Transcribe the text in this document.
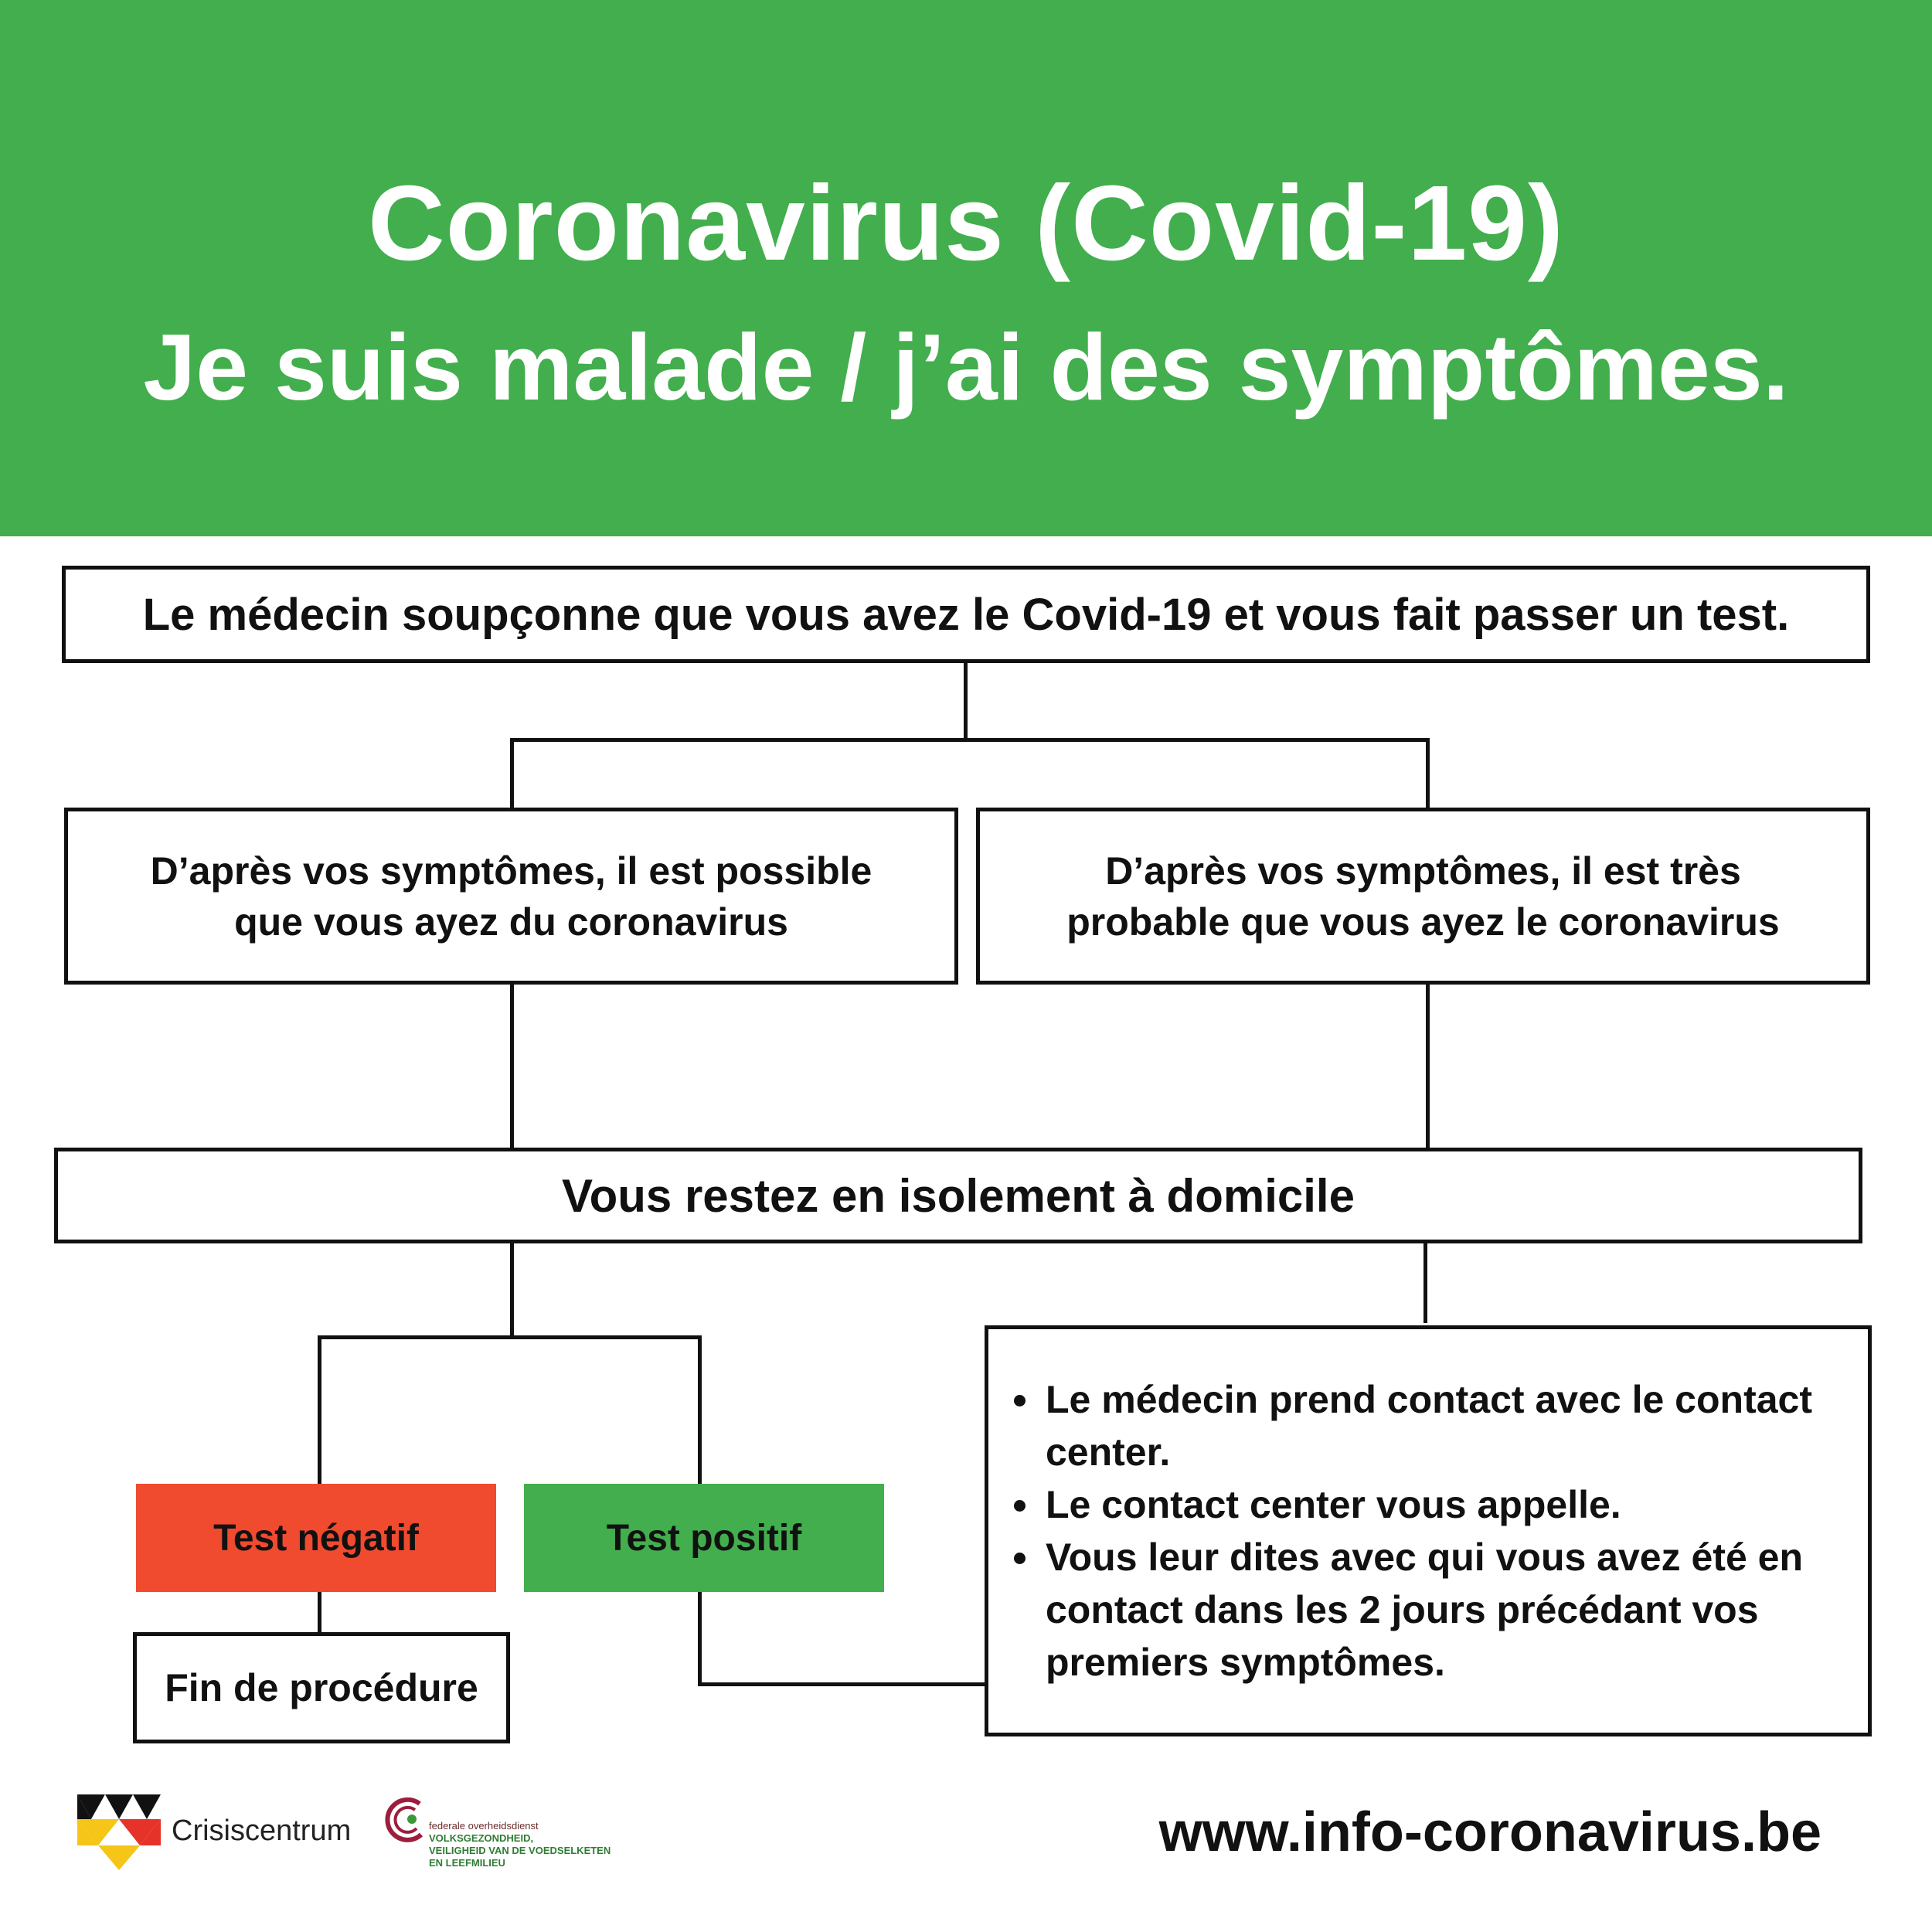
Coronavirus (Covid-19)
Je suis malade / j’ai des symptômes.
Le médecin soupçonne que vous avez le Covid-19 et vous fait passer un test.
D’après vos symptômes, il est possible que vous ayez du coronavirus
D’après vos symptômes, il est très probable que vous ayez le coronavirus
Vous restez en isolement à domicile
Test négatif	Test positif
Fin de procédure
• Le médecin prend contact avec le contact center.
• Le contact center vous appelle.
• Vous leur dites avec qui vous avez été en contact dans les 2 jours précédant vos premiers symptômes.
Crisiscentrum	federale overheidsdienst
VOLKSGEZONDHEID,
VEILIGHEID VAN DE VOEDSELKETEN
EN LEEFMILIEU	www.info-coronavirus.be
